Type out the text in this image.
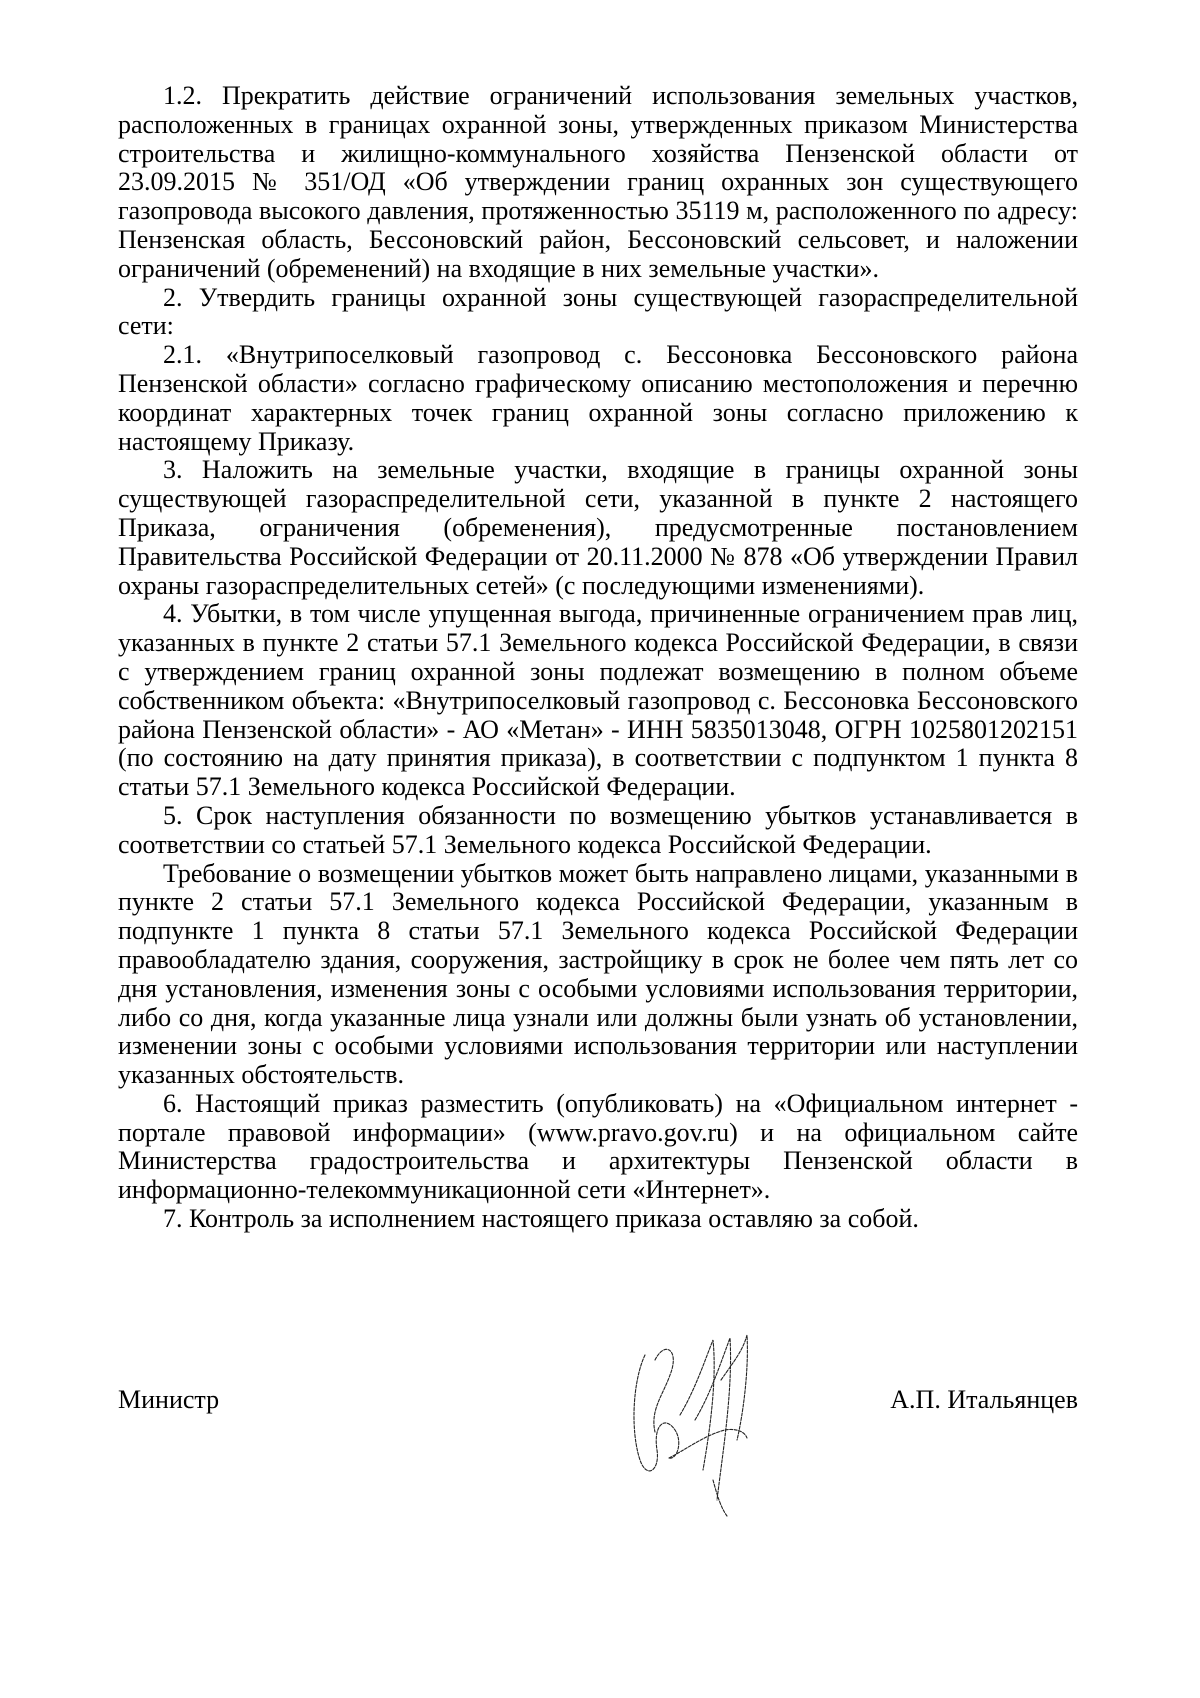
1.2. Прекратить действие ограничений использования земельных участков, расположенных в границах охранной зоны, утвержденных приказом Министерства строительства и жилищно-коммунального хозяйства Пензенской области от 23.09.2015 № 351/ОД «Об утверждении границ охранных зон существующего газопровода высокого давления, протяженностью 35119 м, расположенного по адресу: Пензенская область, Бессоновский район, Бессоновский сельсовет, и наложении ограничений (обременений) на входящие в них земельные участки».

2. Утвердить границы охранной зоны существующей газораспределительной сети:

2.1. «Внутрипоселковый газопровод с. Бессоновка Бессоновского района Пензенской области» согласно графическому описанию местоположения и перечню координат характерных точек границ охранной зоны согласно приложению к настоящему Приказу.

3. Наложить на земельные участки, входящие в границы охранной зоны существующей газораспределительной сети, указанной в пункте 2 настоящего Приказа, ограничения (обременения), предусмотренные постановлением Правительства Российской Федерации от 20.11.2000 № 878 «Об утверждении Правил охраны газораспределительных сетей» (с последующими изменениями).

4. Убытки, в том числе упущенная выгода, причиненные ограничением прав лиц, указанных в пункте 2 статьи 57.1 Земельного кодекса Российской Федерации, в связи с утверждением границ охранной зоны подлежат возмещению в полном объеме собственником объекта: «Внутрипоселковый газопровод с. Бессоновка Бессоновского района Пензенской области» - АО «Метан» - ИНН 5835013048, ОГРН 1025801202151 (по состоянию на дату принятия приказа), в соответствии с подпунктом 1 пункта 8 статьи 57.1 Земельного кодекса Российской Федерации.

5. Срок наступления обязанности по возмещению убытков устанавливается в соответствии со статьей 57.1 Земельного кодекса Российской Федерации.

Требование о возмещении убытков может быть направлено лицами, указанными в пункте 2 статьи 57.1 Земельного кодекса Российской Федерации, указанным в подпункте 1 пункта 8 статьи 57.1 Земельного кодекса Российской Федерации правообладателю здания, сооружения, застройщику в срок не более чем пять лет со дня установления, изменения зоны с особыми условиями использования территории, либо со дня, когда указанные лица узнали или должны были узнать об установлении, изменении зоны с особыми условиями использования территории или наступлении указанных обстоятельств.

6. Настоящий приказ разместить (опубликовать) на «Официальном интернет - портале правовой информации» (www.pravo.gov.ru) и на официальном сайте Министерства градостроительства и архитектуры Пензенской области в информационно-телекоммуникационной сети «Интернет».

7. Контроль за исполнением настоящего приказа оставляю за собой.

Министр	А.П. Итальянцев
